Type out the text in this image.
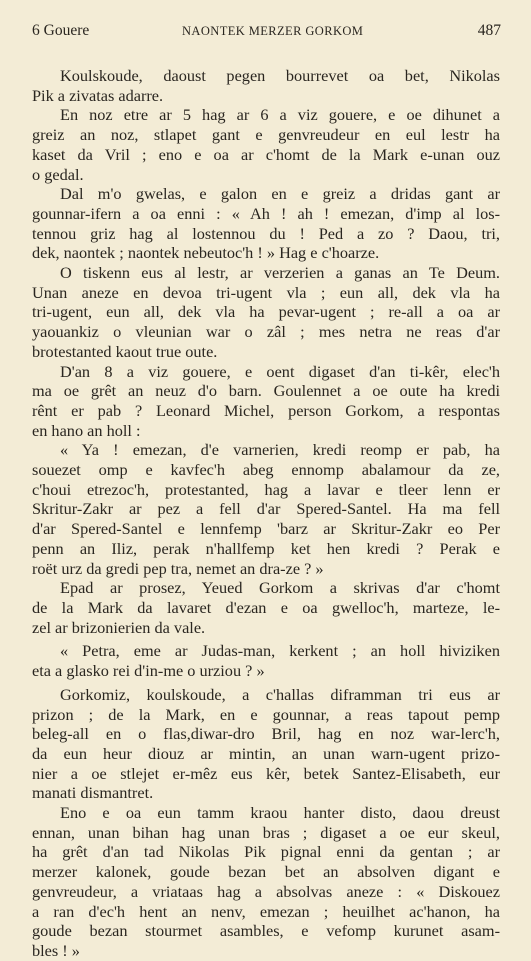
6 Gouere	NAONTEK MERZER GORKOM	487
Koulskoude, daoust pegen bourrevet oa bet, Nikolas
Pik a zivatas adarre.
En noz etre ar 5 hag ar 6 a viz gouere, e oe dihunet a
greiz an noz, stlapet gant e genvreudeur en eul lestr ha
kaset da Vril ; eno e oa ar c'homt de la Mark e-unan ouz
o gedal.
Dal m'o gwelas, e galon en e greiz a dridas gant ar
gounnar-ifern a oa enni : « Ah ! ah ! emezan, d'imp al los-
tennou griz hag al lostennou du ! Ped a zo ? Daou, tri,
dek, naontek ; naontek nebeutoc'h ! » Hag e c'hoarze.
O tiskenn eus al lestr, ar verzerien a ganas an Te Deum.
Unan aneze en devoa tri-ugent vla ; eun all, dek vla ha
tri-ugent, eun all, dek vla ha pevar-ugent ; re-all a oa ar
yaouankiz o vleunian war o zâl ; mes netra ne reas d'ar
brotestanted kaout true oute.
D'an 8 a viz gouere, e oent digaset d'an ti-kêr, elec'h
ma oe grêt an neuz d'o barn. Goulennet a oe oute ha kredi
rênt er pab ? Leonard Michel, person Gorkom, a respontas
en hano an holl :
« Ya ! emezan, d'e varnerien, kredi reomp er pab, ha
souezet omp e kavfec'h abeg ennomp abalamour da ze,
c'houi etrezoc'h, protestanted, hag a lavar e tleer lenn er
Skritur-Zakr ar pez a fell d'ar Spered-Santel. Ha ma fell
d'ar Spered-Santel e lennfemp 'barz ar Skritur-Zakr eo Per
penn an Iliz, perak n'hallfemp ket hen kredi ? Perak e
roët urz da gredi pep tra, nemet an dra-ze ? »
Epad ar prosez, Yeued Gorkom a skrivas d'ar c'homt
de la Mark da lavaret d'ezan e oa gwelloc'h, marteze, le-
zel ar brizonierien da vale.
« Petra, eme ar Judas-man, kerkent ; an holl hiviziken
eta a glasko rei d'in-me o urziou ? »
Gorkomiz, koulskoude, a c'hallas diframman tri eus ar
prizon ; de la Mark, en e gounnar, a reas tapout pemp
beleg-all en o flas,diwar-dro Bril, hag en noz war-lerc'h,
da eun heur diouz ar mintin, an unan warn-ugent prizo-
nier a oe stlejet er-mêz eus kêr, betek Santez-Elisabeth, eur
manati dismantret.
Eno e oa eun tamm kraou hanter disto, daou dreust
ennan, unan bihan hag unan bras ; digaset a oe eur skeul,
ha grêt d'an tad Nikolas Pik pignal enni da gentan ; ar
merzer kalonek, goude bezan bet an absolven digant e
genvreudeur, a vriataas hag a absolvas aneze : « Diskouez
a ran d'ec'h hent an nenv, emezan ; heuilhet ac'hanon, ha
goude bezan stourmet asambles, e vefomp kurunet asam-
bles ! »
